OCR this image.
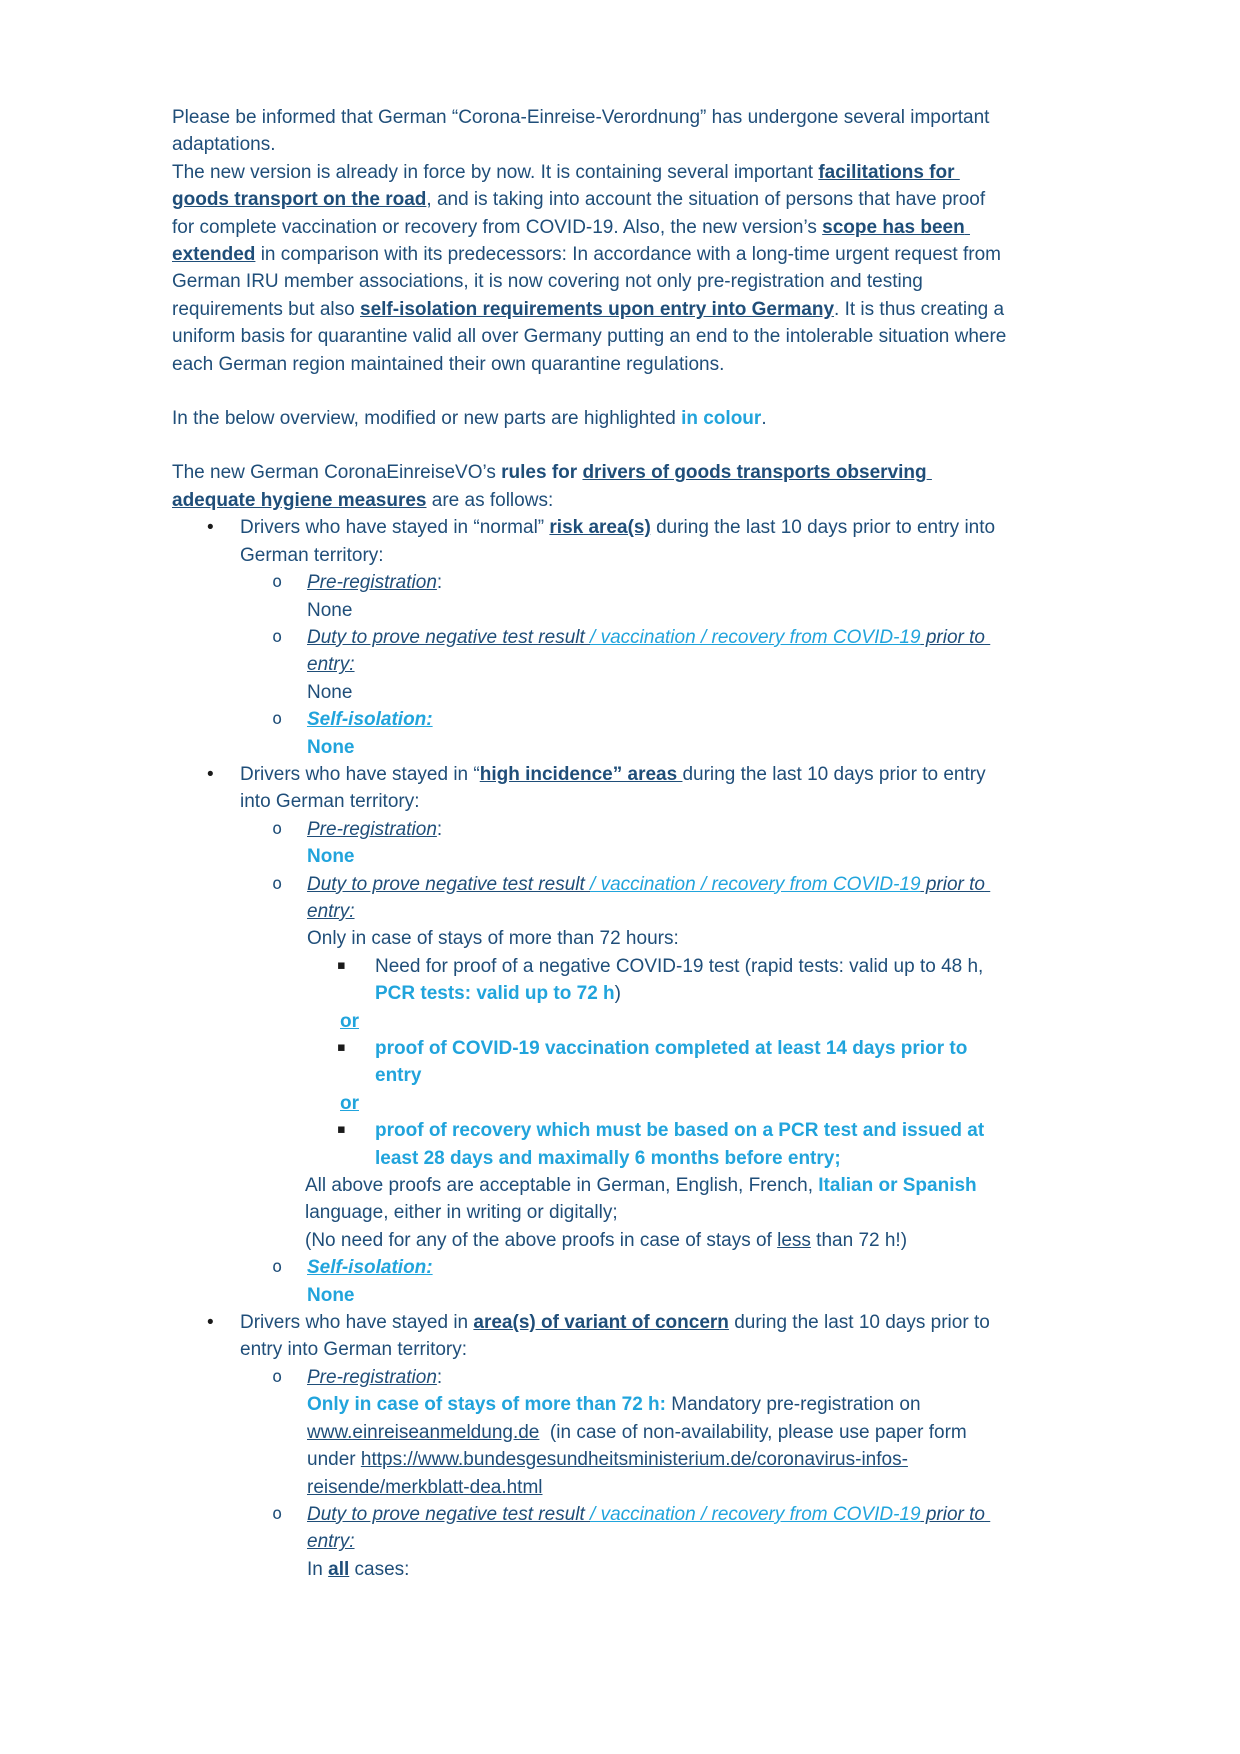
Please be informed that German “Corona-Einreise-Verordnung” has undergone several important adaptations.
The new version is already in force by now. It is containing several important facilitations for goods transport on the road, and is taking into account the situation of persons that have proof for complete vaccination or recovery from COVID-19. Also, the new version’s scope has been extended in comparison with its predecessors: In accordance with a long-time urgent request from German IRU member associations, it is now covering not only pre-registration and testing requirements but also self-isolation requirements upon entry into Germany. It is thus creating a uniform basis for quarantine valid all over Germany putting an end to the intolerable situation where each German region maintained their own quarantine regulations.
In the below overview, modified or new parts are highlighted in colour.
The new German CoronaEinreiseVO’s rules for drivers of goods transports observing adequate hygiene measures are as follows:
• Drivers who have stayed in “normal” risk area(s) during the last 10 days prior to entry into German territory:
o Pre-registration:
None
o Duty to prove negative test result / vaccination / recovery from COVID-19 prior to entry:
None
o Self-isolation:
None
• Drivers who have stayed in “high incidence” areas during the last 10 days prior to entry into German territory:
o Pre-registration:
None
o Duty to prove negative test result / vaccination / recovery from COVID-19 prior to entry:
Only in case of stays of more than 72 hours:
▪ Need for proof of a negative COVID-19 test (rapid tests: valid up to 48 h, PCR tests: valid up to 72 h)
or
▪ proof of COVID-19 vaccination completed at least 14 days prior to entry
or
▪ proof of recovery which must be based on a PCR test and issued at least 28 days and maximally 6 months before entry;
All above proofs are acceptable in German, English, French, Italian or Spanish language, either in writing or digitally;
(No need for any of the above proofs in case of stays of less than 72 h!)
o Self-isolation:
None
• Drivers who have stayed in area(s) of variant of concern during the last 10 days prior to entry into German territory:
o Pre-registration:
Only in case of stays of more than 72 h: Mandatory pre-registration on www.einreiseanmeldung.de  (in case of non-availability, please use paper form under https://www.bundesgesundheitsministerium.de/coronavirus-infos-reisende/merkblatt-dea.html
o Duty to prove negative test result / vaccination / recovery from COVID-19 prior to entry:
In all cases:
